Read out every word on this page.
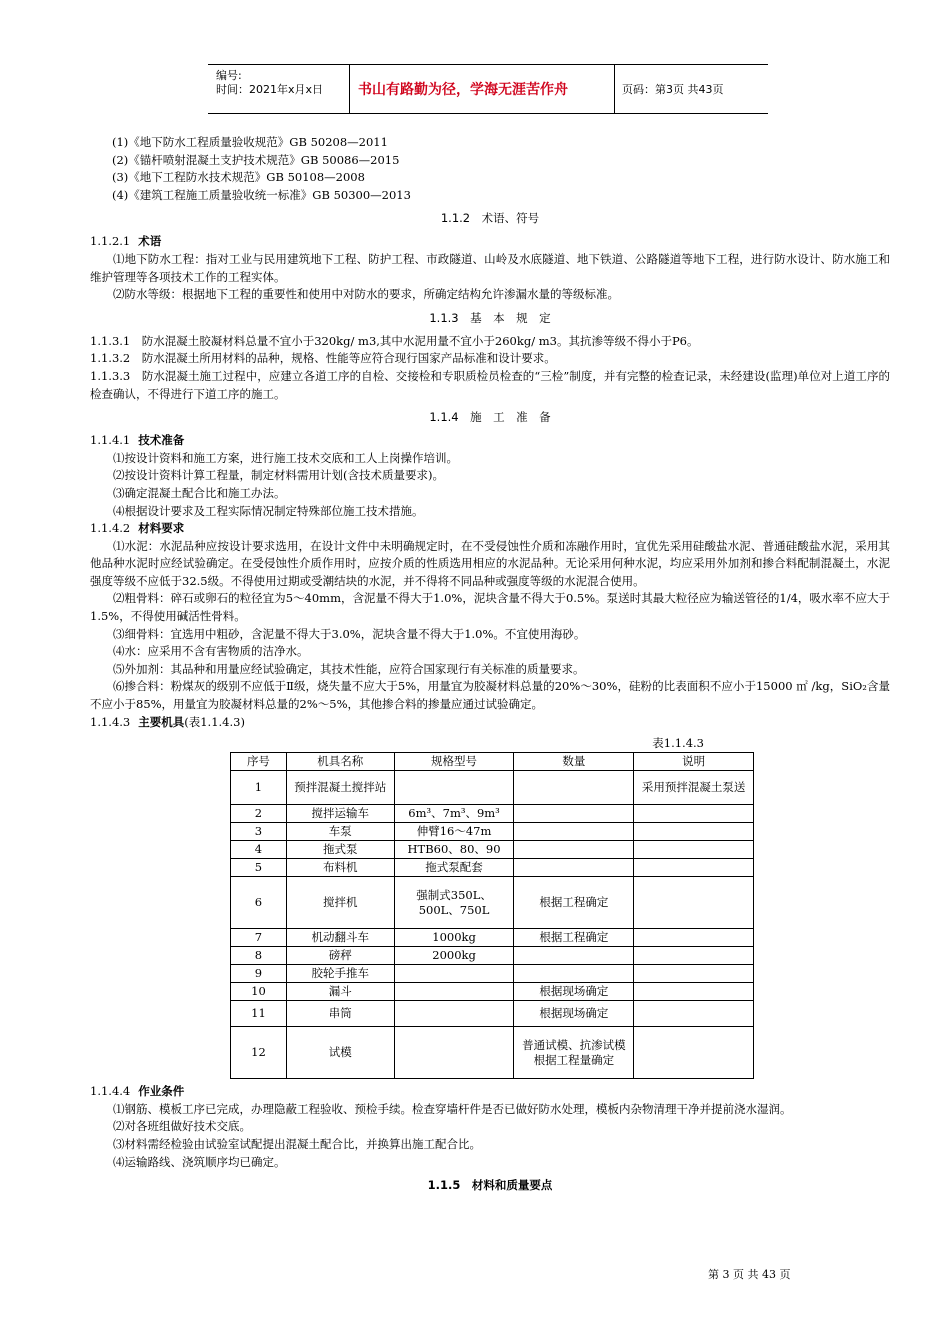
编号:
时间：2021年x月x日 书山有路勤为径，学海无涯苦作舟	页码：第3页 共43页
(1)《地下防水工程质量验收规范》GB 50208—2011
(2)《锚杆喷射混凝土支护技术规范》GB 50086—2015
(3)《地下工程防水技术规范》GB 50108—2008
(4)《建筑工程施工质量验收统一标准》GB 50300—2013
1.1.2　术语、符号
1.1.2.1 术语
⑴地下防水工程：指对工业与民用建筑地下工程、防护工程、市政隧道、山岭及水底隧道、地下铁道、公路隧道等地下工程，进行防水设计、防水施工和维护管理等各项技术工作的工程实体。
⑵防水等级：根据地下工程的重要性和使用中对防水的要求，所确定结构允许渗漏水量的等级标准。
1.1.3　基　本　规　定
1.1.3.1　防水混凝土胶凝材料总量不宜小于320kg/ m3,其中水泥用量不宜小于260kg/ m3。其抗渗等级不得小于P6。
1.1.3.2　防水混凝土所用材料的品种，规格、性能等应符合现行国家产品标准和设计要求。
1.1.3.3　防水混凝土施工过程中，应建立各道工序的自检、交接检和专职质检员检查的“三检”制度，并有完整的检查记录，未经建设(监理)单位对上道工序的检查确认，不得进行下道工序的施工。
1.1.4　施　工　准　备
1.1.4.1 技术准备
⑴按设计资料和施工方案，进行施工技术交底和工人上岗操作培训。
⑵按设计资料计算工程量，制定材料需用计划(含技术质量要求)。
⑶确定混凝土配合比和施工办法。
⑷根据设计要求及工程实际情况制定特殊部位施工技术措施。
1.1.4.2 材料要求
⑴水泥：水泥品种应按设计要求选用，在设计文件中未明确规定时，在不受侵蚀性介质和冻融作用时，宜优先采用硅酸盐水泥、普通硅酸盐水泥，采用其他品种水泥时应经试验确定。在受侵蚀性介质作用时，应按介质的性质选用相应的水泥品种。无论采用何种水泥，均应采用外加剂和掺合料配制混凝土，水泥强度等级不应低于32.5级。不得使用过期或受潮结块的水泥，并不得将不同品种或强度等级的水泥混合使用。
⑵粗骨料：碎石或卵石的粒径宜为5～40mm，含泥量不得大于1.0%，泥块含量不得大于0.5%。泵送时其最大粒径应为输送管径的1/4，吸水率不应大于1.5%，不得使用碱活性骨料。
⑶细骨料：宜选用中粗砂，含泥量不得大于3.0%，泥块含量不得大于1.0%。不宜使用海砂。
⑷水：应采用不含有害物质的洁净水。
⑸外加剂：其品种和用量应经试验确定，其技术性能，应符合国家现行有关标准的质量要求。
⑹掺合料：粉煤灰的级别不应低于Ⅱ级，烧失量不应大于5%，用量宜为胶凝材料总量的20%～30%，硅粉的比表面积不应小于15000 ㎡ /kg，SiO₂含量不应小于85%，用量宜为胶凝材料总量的2%～5%，其他掺合料的掺量应通过试验确定。
1.1.4.3 主要机具(表1.1.4.3)
表1.1.4.3
序号	机具名称	规格型号	数量	说明
1	预拌混凝土搅拌站			采用预拌混凝土泵送
2	搅拌运输车	6m³、7m³、9m³		
3	车泵	伸臂16～47m		
4	拖式泵	HTB60、80、90		
5	布料机	拖式泵配套		
6	搅拌机	强制式350L、500L、750L	根据工程确定	
7	机动翻斗车	1000kg	根据工程确定	
8	磅秤	2000kg		
9	胶轮手推车			
10	漏斗		根据现场确定	
11	串筒		根据现场确定	
12	试模		普通试模、抗渗试模根据工程量确定	
1.1.4.4 作业条件
⑴钢筋、模板工序已完成，办理隐蔽工程验收、预检手续。检查穿墙杆件是否已做好防水处理，模板内杂物清理干净并提前浇水湿润。
⑵对各班组做好技术交底。
⑶材料需经检验由试验室试配提出混凝土配合比，并换算出施工配合比。
⑷运输路线、浇筑顺序均已确定。
1.1.5　材料和质量要点
第 3 页 共 43 页
